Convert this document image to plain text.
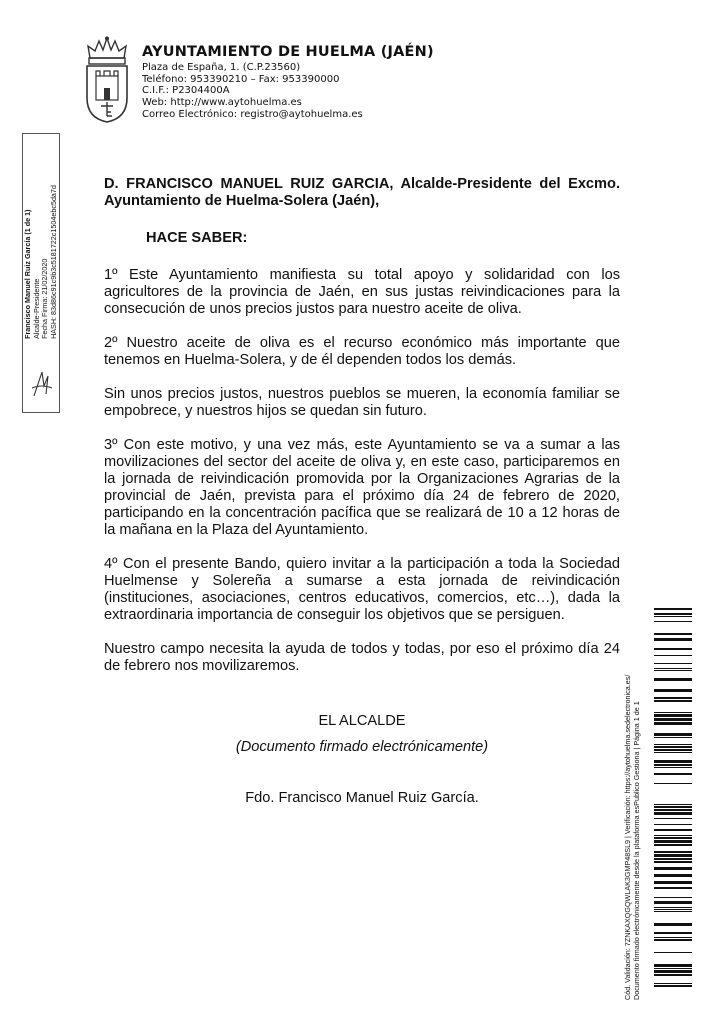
AYUNTAMIENTO DE HUELMA (JAÉN)
Plaza de España, 1. (C.P.23560)
Teléfono: 953390210 – Fax: 953390000
C.I.F.: P2304400A
Web: http://www.aytohuelma.es
Correo Electrónico: registro@aytohuelma.es
Francisco Manuel Ruiz García (1 de 1) Alcalde-Presidente Fecha Firma: 21/02/2020 HASH: 83d86c91c9b3c5181722c1504ebc5da7d

D. FRANCISCO MANUEL RUIZ GARCIA, Alcalde-Presidente del Excmo. Ayuntamiento de Huelma-Solera (Jaén),

HACE SABER:

1º Este Ayuntamiento manifiesta su total apoyo y solidaridad con los agricultores de la provincia de Jaén, en sus justas reivindicaciones para la consecución de unos precios justos para nuestro aceite de oliva.

2º Nuestro aceite de oliva es el recurso económico más importante que tenemos en Huelma-Solera, y de él dependen todos los demás.

Sin unos precios justos, nuestros pueblos se mueren, la economía familiar se empobrece, y nuestros hijos se quedan sin futuro.

3º Con este motivo, y una vez más, este Ayuntamiento se va a sumar a las movilizaciones del sector del aceite de oliva y, en este caso, participaremos en la jornada de reivindicación promovida por la Organizaciones Agrarias de la provincial de Jaén, prevista para el próximo día 24 de febrero de 2020, participando en la concentración pacífica que se realizará de 10 a 12 horas de la mañana en la Plaza del Ayuntamiento.

4º Con el presente Bando, quiero invitar a la participación a toda la Sociedad Huelmense y Solereña a sumarse a esta jornada de reivindicación (instituciones, asociaciones, centros educativos, comercios, etc…), dada la extraordinaria importancia de conseguir los objetivos que se persiguen.

Nuestro campo necesita la ayuda de todos y todas, por eso el próximo día 24 de febrero nos movilizaremos.

EL ALCALDE
(Documento firmado electrónicamente)
Fdo. Francisco Manuel Ruiz García.	Cód. Validación: 7ZNKAXQGQWLAK3GMP48SL9 | Verificación: https://aytohuelma.sedelectronica.es/ Documento firmado electrónicamente desde la plataforma esPublico Gestiona | Página 1 de 1
